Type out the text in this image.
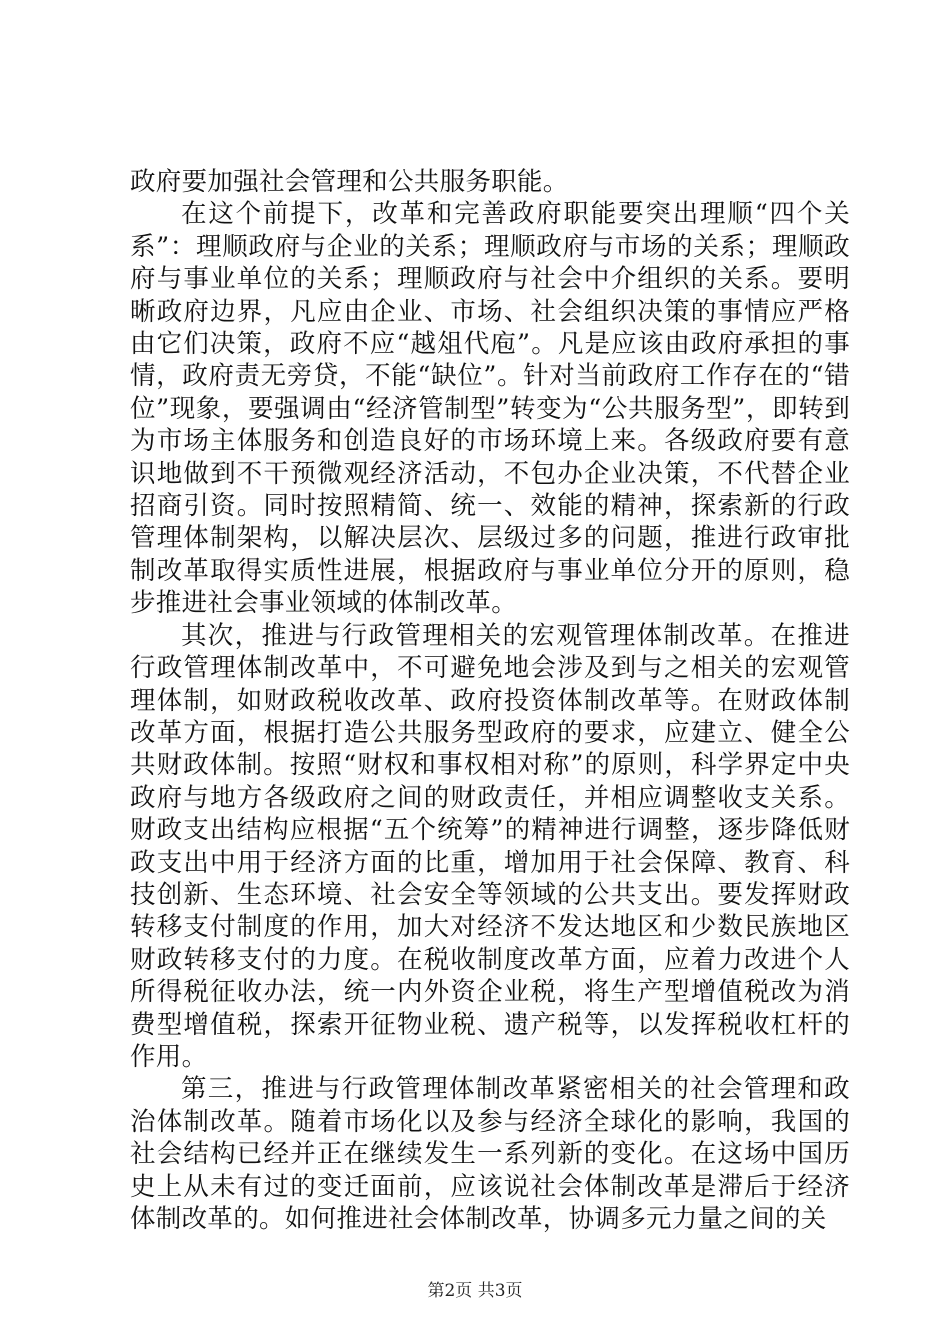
政府要加强社会管理和公共服务职能。

在这个前提下，改革和完善政府职能要突出理顺“四个关系”：理顺政府与企业的关系；理顺政府与市场的关系；理顺政府与事业单位的关系；理顺政府与社会中介组织的关系。要明晰政府边界，凡应由企业、市场、社会组织决策的事情应严格由它们决策，政府不应“越俎代庖”。凡是应该由政府承担的事情，政府责无旁贷，不能“缺位”。针对当前政府工作存在的“错位”现象，要强调由“经济管制型”转变为“公共服务型”，即转到为市场主体服务和创造良好的市场环境上来。各级政府要有意识地做到不干预微观经济活动，不包办企业决策，不代替企业招商引资。同时按照精简、统一、效能的精神，探索新的行政管理体制架构，以解决层次、层级过多的问题，推进行政审批制改革取得实质性进展，根据政府与事业单位分开的原则，稳步推进社会事业领域的体制改革。

其次，推进与行政管理相关的宏观管理体制改革。在推进行政管理体制改革中，不可避免地会涉及到与之相关的宏观管理体制，如财政税收改革、政府投资体制改革等。在财政体制改革方面，根据打造公共服务型政府的要求，应建立、健全公共财政体制。按照“财权和事权相对称”的原则，科学界定中央政府与地方各级政府之间的财政责任，并相应调整收支关系。财政支出结构应根据“五个统筹”的精神进行调整，逐步降低财政支出中用于经济方面的比重，增加用于社会保障、教育、科技创新、生态环境、社会安全等领域的公共支出。要发挥财政转移支付制度的作用，加大对经济不发达地区和少数民族地区财政转移支付的力度。在税收制度改革方面，应着力改进个人所得税征收办法，统一内外资企业税，将生产型增值税改为消费型增值税，探索开征物业税、遗产税等，以发挥税收杠杆的作用。

第三，推进与行政管理体制改革紧密相关的社会管理和政治体制改革。随着市场化以及参与经济全球化的影响，我国的社会结构已经并正在继续发生一系列新的变化。在这场中国历史上从未有过的变迁面前，应该说社会体制改革是滞后于经济体制改革的。如何推进社会体制改革，协调多元力量之间的关

第2页 共3页
